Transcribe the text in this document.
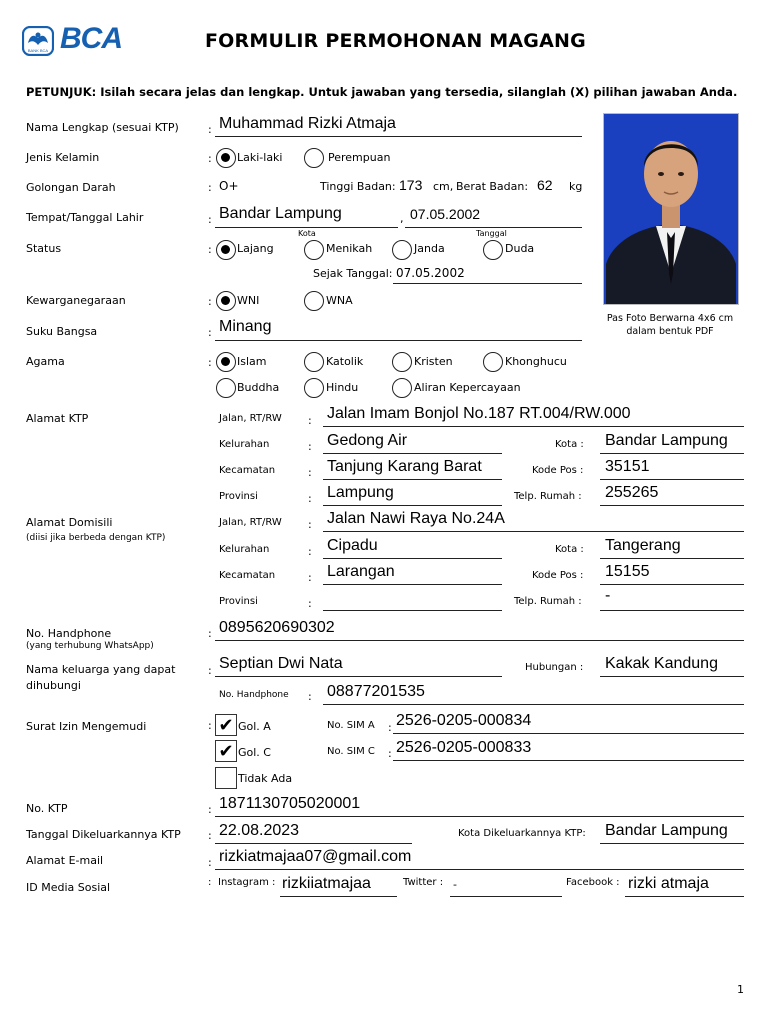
BANK BCA BCA	FORMULIR PERMOHONAN MAGANG
PETUNJUK: Isilah secara jelas dan lengkap. Untuk jawaban yang tersedia, silanglah (X) pilihan jawaban Anda.
Pas Foto Berwarna 4x6 cm dalam bentuk PDF
Nama Lengkap (sesuai KTP)	: Muhammad Rizki Atmaja
Jenis Kelamin	: Laki-laki	Perempuan
Golongan Darah	: O+	Tinggi Badan: 173 cm, Berat Badan: 62 kg
Tempat/Tanggal Lahir	: Bandar Lampung	, 07.05.2002
Kota	Tanggal
Status	: Lajang	Menikah	Janda	Duda
Sejak Tanggal: 07.05.2002
Kewarganegaraan	: WNI	WNA
Suku Bangsa	: Minang
Agama	: Islam	Katolik	Kristen	Khonghucu
Buddha	Hindu	Aliran Kepercayaan
Alamat KTP	Jalan, RT/RW : Jalan Imam Bonjol No.187 RT.004/RW.000
Kelurahan	: Gedong Air	Kota : Bandar Lampung
Kecamatan	: Tanjung Karang Barat	Kode Pos : 35151
Provinsi	: Lampung	Telp. Rumah : 255265
Alamat Domisili
(diisi jika berbeda dengan KTP)
Jalan, RT/RW : Jalan Nawi Raya No.24A
Kelurahan	: Cipadu	Kota : Tangerang
Kecamatan	: Larangan	Kode Pos : 15155
Provinsi	:	Telp. Rumah : -
No. Handphone
(yang terhubung WhatsApp)
: 0895620690302
Nama keluarga yang dapat
dihubungi
: Septian Dwi Nata	Hubungan : Kakak Kandung
No. Handphone : 08877201535
Surat Izin Mengemudi	: ✔ Gol. A	No. SIM A : 2526-0205-000834
✔ Gol. C	No. SIM C : 2526-0205-000833
Tidak Ada
No. KTP	: 1871130705020001
Tanggal Dikeluarkannya KTP : 22.08.2023	Kota Dikeluarkannya KTP: Bandar Lampung
Alamat E-mail	: rizkiatmajaa07@gmail.com
ID Media Sosial	: Instagram : rizkiiatmajaa	Twitter : -	Facebook : rizki atmaja
1
